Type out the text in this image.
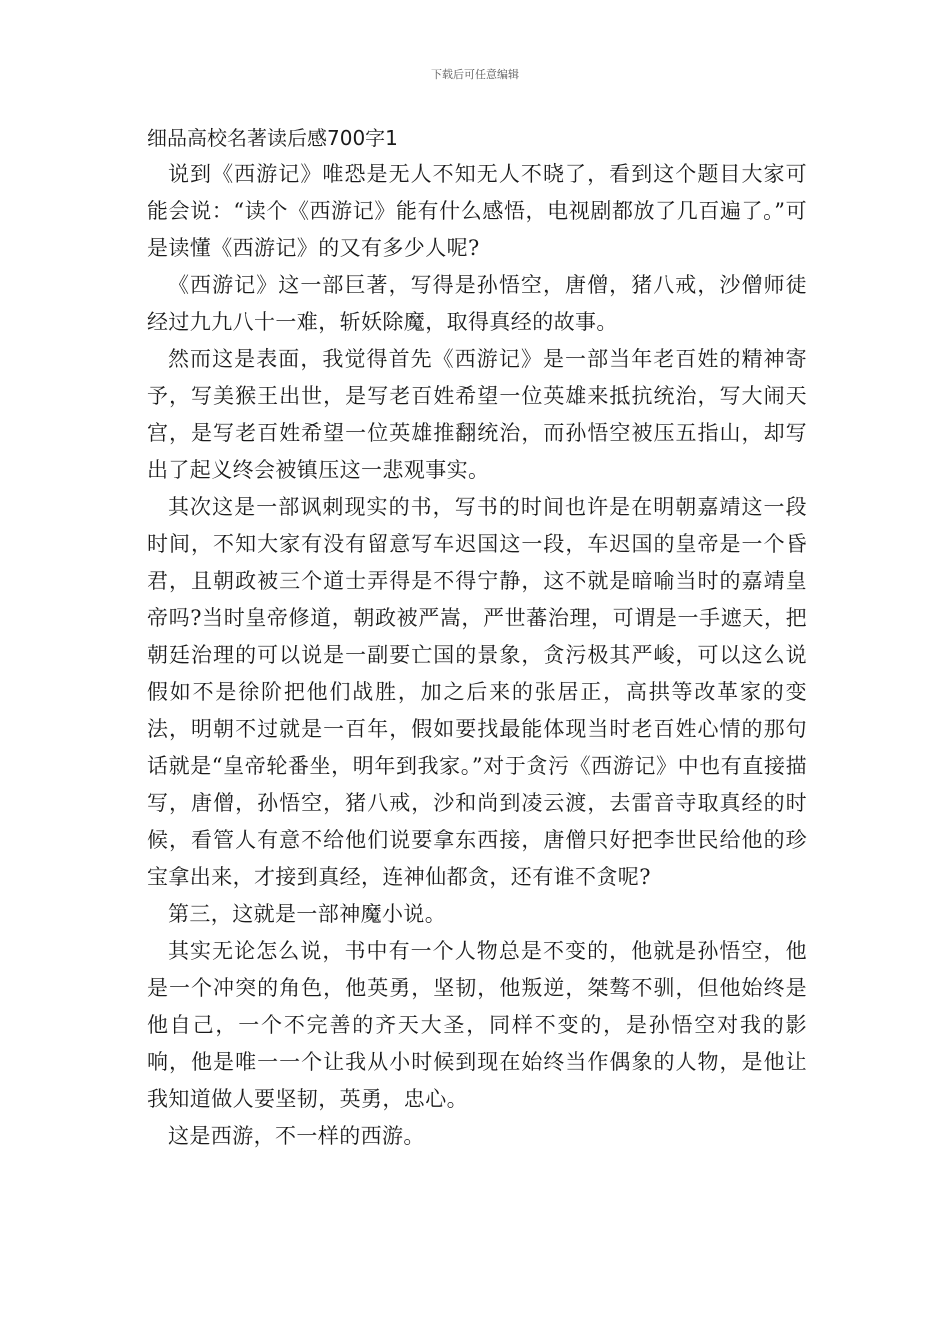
下载后可任意编辑
细品高校名著读后感700字1

说到《西游记》唯恐是无人不知无人不晓了，看到这个题目大家可能会说：“读个《西游记》能有什么感悟，电视剧都放了几百遍了。”可是读懂《西游记》的又有多少人呢?

《西游记》这一部巨著，写得是孙悟空，唐僧，猪八戒，沙僧师徒经过九九八十一难，斩妖除魔，取得真经的故事。

然而这是表面，我觉得首先《西游记》是一部当年老百姓的精神寄予，写美猴王出世，是写老百姓希望一位英雄来抵抗统治，写大闹天宫，是写老百姓希望一位英雄推翻统治，而孙悟空被压五指山，却写出了起义终会被镇压这一悲观事实。

其次这是一部讽刺现实的书，写书的时间也许是在明朝嘉靖这一段时间，不知大家有没有留意写车迟国这一段，车迟国的皇帝是一个昏君，且朝政被三个道士弄得是不得宁静，这不就是暗喻当时的嘉靖皇帝吗?当时皇帝修道，朝政被严嵩，严世蕃治理，可谓是一手遮天，把朝廷治理的可以说是一副要亡国的景象，贪污极其严峻，可以这么说假如不是徐阶把他们战胜，加之后来的张居正，高拱等改革家的变法，明朝不过就是一百年，假如要找最能体现当时老百姓心情的那句话就是“皇帝轮番坐，明年到我家。”对于贪污《西游记》中也有直接描写，唐僧，孙悟空，猪八戒，沙和尚到凌云渡，去雷音寺取真经的时候，看管人有意不给他们说要拿东西接，唐僧只好把李世民给他的珍宝拿出来，才接到真经，连神仙都贪，还有谁不贪呢?

第三，这就是一部神魔小说。

其实无论怎么说，书中有一个人物总是不变的，他就是孙悟空，他是一个冲突的角色，他英勇，坚韧，他叛逆，桀骜不驯，但他始终是他自己，一个不完善的齐天大圣，同样不变的，是孙悟空对我的影响，他是唯一一个让我从小时候到现在始终当作偶象的人物，是他让我知道做人要坚韧，英勇，忠心。

这是西游，不一样的西游。
